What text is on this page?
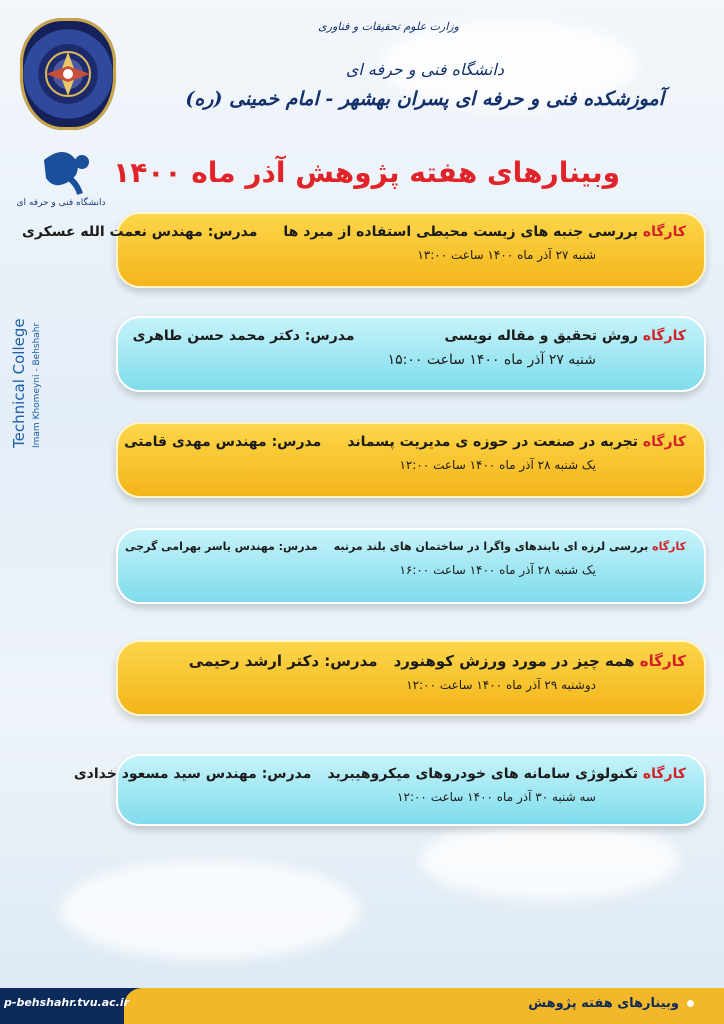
دانشگاه فنی و حرفه ای
Technical College Imam Khomeyni - Behshahr
وزارت علوم تحقیقات و فناوری
دانشگاه فنی و حرفه ای
آموزشکده فنی و حرفه ای پسران بهشهر - امام خمینی (ره)
وبینارهای هفته پژوهش آذر ماه ۱۴۰۰
کارگاه بررسی جنبه های زیست محیطی استفاده از مبرد هامدرس: مهندس نعمت الله عسکری
شنبه ۲۷ آذر ماه ۱۴۰۰ ساعت ۱۳:۰۰
کارگاه روش تحقیق و مقاله نویسیمدرس: دکتر محمد حسن طاهری
شنبه ۲۷ آذر ماه ۱۴۰۰ ساعت ۱۵:۰۰
کارگاه تجربه در صنعت در حوزه ی مدیریت پسماندمدرس: مهندس مهدی قامتی
یک شنبه ۲۸ آذر ماه ۱۴۰۰ ساعت ۱۲:۰۰
کارگاه بررسی لرزه ای بابندهای واگرا در ساختمان های بلند مرتبهمدرس: مهندس یاسر بهرامی گرجی
یک شنبه ۲۸ آذر ماه ۱۴۰۰ ساعت ۱۶:۰۰
کارگاه همه چیز در مورد ورزش کوهنوردمدرس: دکتر ارشد رحیمی
دوشنبه ۲۹ آذر ماه ۱۴۰۰ ساعت ۱۲:۰۰
کارگاه تکنولوژی سامانه های خودروهای میکروهیبریدمدرس: مهندس سید مسعود خدادی
سه شنبه ۳۰ آذر ماه ۱۴۰۰ ساعت ۱۲:۰۰
وبینارهای هفته پژوهش
p-behshahr.tvu.ac.ir
